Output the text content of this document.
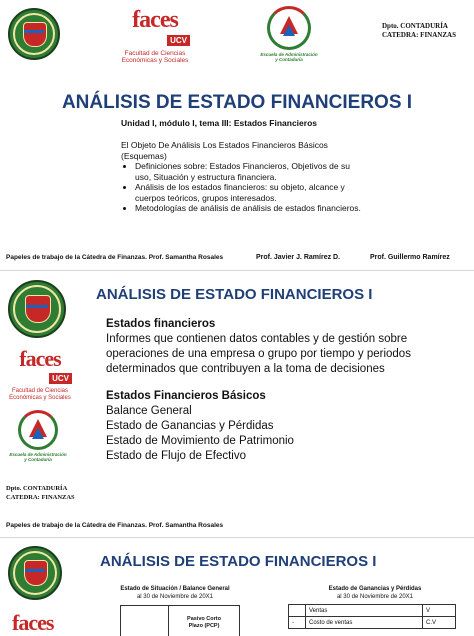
faces
UCV
Facultad de Ciencias
Económicas y Sociales
Escuela de Administración
y Contaduría
Dpto. CONTADURÍA
CATEDRA: FINANZAS
ANÁLISIS DE ESTADO FINANCIEROS I
Unidad I, módulo I, tema III: Estados Financieros
El Objeto De Análisis Los Estados Financieros Básicos
(Esquemas)
• Definiciones sobre: Estados Financieros, Objetivos de su uso, Situación y estructura financiera.
• Análisis de los estados financieros: su objeto, alcance y cuerpos teóricos, grupos interesados.
• Metodologías de análisis de análisis de estados financieros.
Papeles de trabajo de la Cátedra de Finanzas. Prof. Samantha Rosales	Prof. Javier J. Ramírez D.	Prof. Guillermo Ramírez
ANÁLISIS DE ESTADO FINANCIEROS I
faces
UCV
Facultad de Ciencias
Económicas y Sociales
Escuela de Administración
y Contaduría
Dpto. CONTADURÍA
CATEDRA: FINANZAS
Estados financieros
Informes que contienen datos contables y de gestión sobre
operaciones de una empresa o grupo por tiempo y periodos
determinados que contribuyen a la toma de decisiones
Estados Financieros Básicos
Balance General
Estado de Ganancias y Pérdidas
Estado de Movimiento de Patrimonio
Estado de Flujo de Efectivo
Papeles de trabajo de la Cátedra de Finanzas. Prof. Samantha Rosales
faces
ANÁLISIS DE ESTADO FINANCIEROS I
Estado de Situación / Balance General
al 30 de Noviembre de 20X1
Pasivo Corto
Plazo (PCP)
Estado de Ganancias y Pérdidas
al 30 de Noviembre de 20X1
	Ventas	V
-	Costo de ventas	C.V
